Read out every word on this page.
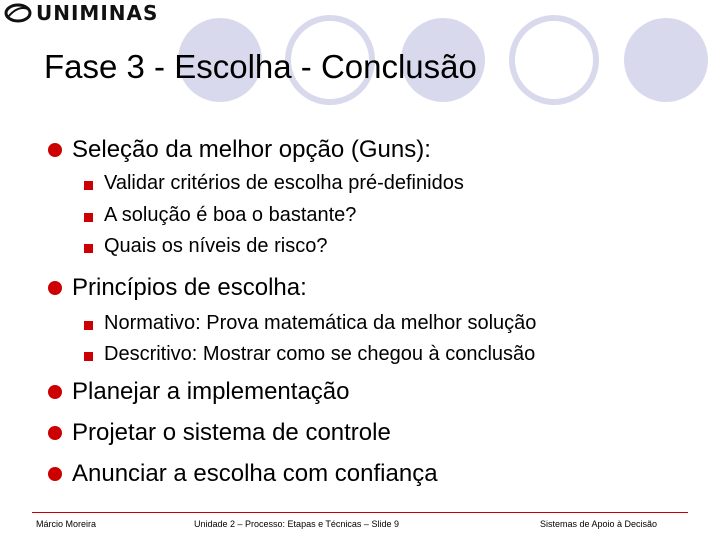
UNIMINAS
Fase 3 - Escolha - Conclusão
Seleção da melhor opção (Guns):
Validar critérios de escolha pré-definidos
A solução é boa o bastante?
Quais os níveis de risco?
Princípios de escolha:
Normativo: Prova matemática da melhor solução
Descritivo: Mostrar como se chegou à conclusão
Planejar a implementação
Projetar o sistema de controle
Anunciar a escolha com confiança
Márcio Moreira	Unidade 2 – Processo: Etapas e Técnicas – Slide 9	Sistemas de Apoio à Decisão
